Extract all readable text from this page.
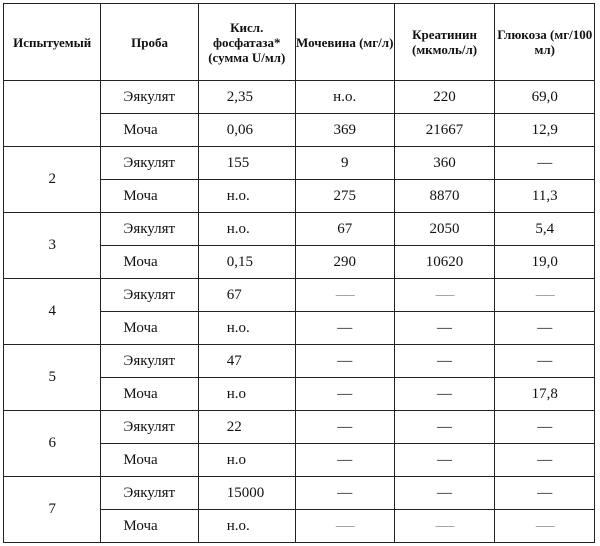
Испытуемый	Проба	Кисл. фосфатаза* (сумма U/мл)	Мочевина (мг/л)	Креатинин (мкмоль/л)	Глюкоза (мг/100 мл)
	Эякулят	2,35	н.о.	220	69,0
	Моча	0,06	369	21667	12,9
2	Эякулят	155	9	360	—
	Моча	н.о.	275	8870	11,3
3	Эякулят	н.о.	67	2050	5,4
	Моча	0,15	290	10620	19,0
4	Эякулят	67	——	——	——
	Моча	н.о.	—	—	—
5	Эякулят	47	—	—	—
	Моча	н.о	—	—	17,8
6	Эякулят	22	—	—	—
	Моча	н.о	—	—	—
7	Эякулят	15000	—	—	—
	Моча	н.о.	——	——	——
